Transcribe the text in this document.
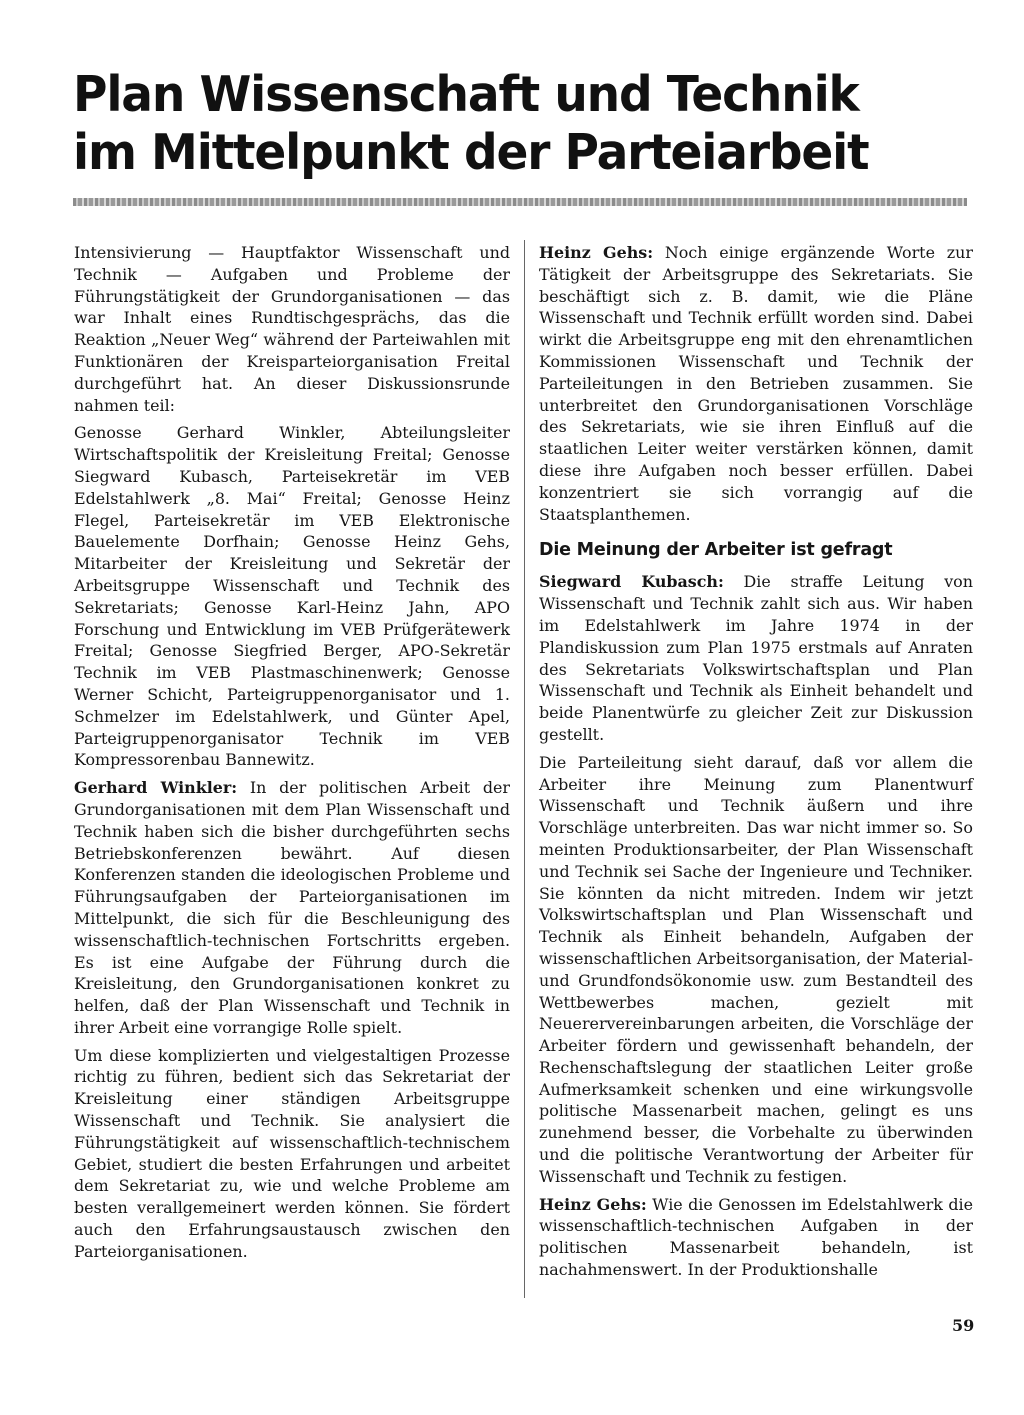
Plan Wissenschaft und Technik
im Mittelpunkt der Parteiarbeit

Intensivierung — Hauptfaktor Wissenschaft und Technik — Aufgaben und Probleme der Führungstätigkeit der Grundorganisationen — das war Inhalt eines Rundtischgesprächs, das die Reaktion „Neuer Weg“ während der Parteiwahlen mit Funktionären der Kreisparteiorganisation Freital durchgeführt hat. An dieser Diskussionsrunde nahmen teil:

Genosse Gerhard Winkler, Abteilungsleiter Wirtschaftspolitik der Kreisleitung Freital; Genosse Siegward Kubasch, Parteisekretär im VEB Edelstahlwerk „8. Mai“ Freital; Genosse Heinz Flegel, Parteisekretär im VEB Elektronische Bauelemente Dorfhain; Genosse Heinz Gehs, Mitarbeiter der Kreisleitung und Sekretär der Arbeitsgruppe Wissenschaft und Technik des Sekretariats; Genosse Karl-Heinz Jahn, APO Forschung und Entwicklung im VEB Prüfgerätewerk Freital; Genosse Siegfried Berger, APO-Sekretär Technik im VEB Plastmaschinenwerk; Genosse Werner Schicht, Parteigruppenorganisator und 1. Schmelzer im Edelstahlwerk, und Günter Apel, Parteigruppenorganisator Technik im VEB Kompressorenbau Bannewitz.

Gerhard Winkler: In der politischen Arbeit der Grundorganisationen mit dem Plan Wissenschaft und Technik haben sich die bisher durchgeführten sechs Betriebskonferenzen bewährt. Auf diesen Konferenzen standen die ideologischen Probleme und Führungsaufgaben der Parteiorganisationen im Mittelpunkt, die sich für die Beschleunigung des wissenschaftlich-technischen Fortschritts ergeben. Es ist eine Aufgabe der Führung durch die Kreisleitung, den Grundorganisationen konkret zu helfen, daß der Plan Wissenschaft und Technik in ihrer Arbeit eine vorrangige Rolle spielt.

Um diese komplizierten und vielgestaltigen Prozesse richtig zu führen, bedient sich das Sekretariat der Kreisleitung einer ständigen Arbeitsgruppe Wissenschaft und Technik. Sie analysiert die Führungstätigkeit auf wissenschaftlich-technischem Gebiet, studiert die besten Erfahrungen und arbeitet dem Sekretariat zu, wie und welche Probleme am besten verallgemeinert werden können. Sie fördert auch den Erfahrungsaustausch zwischen den Parteiorganisationen.

Heinz Gehs: Noch einige ergänzende Worte zur Tätigkeit der Arbeitsgruppe des Sekretariats. Sie beschäftigt sich z. B. damit, wie die Pläne Wissenschaft und Technik erfüllt worden sind. Dabei wirkt die Arbeitsgruppe eng mit den ehrenamtlichen Kommissionen Wissenschaft und Technik der Parteileitungen in den Betrieben zusammen. Sie unterbreitet den Grundorganisationen Vorschläge des Sekretariats, wie sie ihren Einfluß auf die staatlichen Leiter weiter verstärken können, damit diese ihre Aufgaben noch besser erfüllen. Dabei konzentriert sie sich vorrangig auf die Staatsplanthemen.

Die Meinung der Arbeiter ist gefragt

Siegward Kubasch: Die straffe Leitung von Wissenschaft und Technik zahlt sich aus. Wir haben im Edelstahlwerk im Jahre 1974 in der Plandiskussion zum Plan 1975 erstmals auf Anraten des Sekretariats Volkswirtschaftsplan und Plan Wissenschaft und Technik als Einheit behandelt und beide Planentwürfe zu gleicher Zeit zur Diskussion gestellt.

Die Parteileitung sieht darauf, daß vor allem die Arbeiter ihre Meinung zum Planentwurf Wissenschaft und Technik äußern und ihre Vorschläge unterbreiten. Das war nicht immer so. So meinten Produktionsarbeiter, der Plan Wissenschaft und Technik sei Sache der Ingenieure und Techniker. Sie könnten da nicht mitreden. Indem wir jetzt Volkswirtschaftsplan und Plan Wissenschaft und Technik als Einheit behandeln, Aufgaben der wissenschaftlichen Arbeitsorganisation, der Material- und Grundfondsökonomie usw. zum Bestandteil des Wettbewerbes machen, gezielt mit Neuerervereinbarungen arbeiten, die Vorschläge der Arbeiter fördern und gewissenhaft behandeln, der Rechenschaftslegung der staatlichen Leiter große Aufmerksamkeit schenken und eine wirkungsvolle politische Massenarbeit machen, gelingt es uns zunehmend besser, die Vorbehalte zu überwinden und die politische Verantwortung der Arbeiter für Wissenschaft und Technik zu festigen.

Heinz Gehs: Wie die Genossen im Edelstahlwerk die wissenschaftlich-technischen Aufgaben in der politischen Massenarbeit behandeln, ist nachahmenswert. In der Produktionshalle

59
